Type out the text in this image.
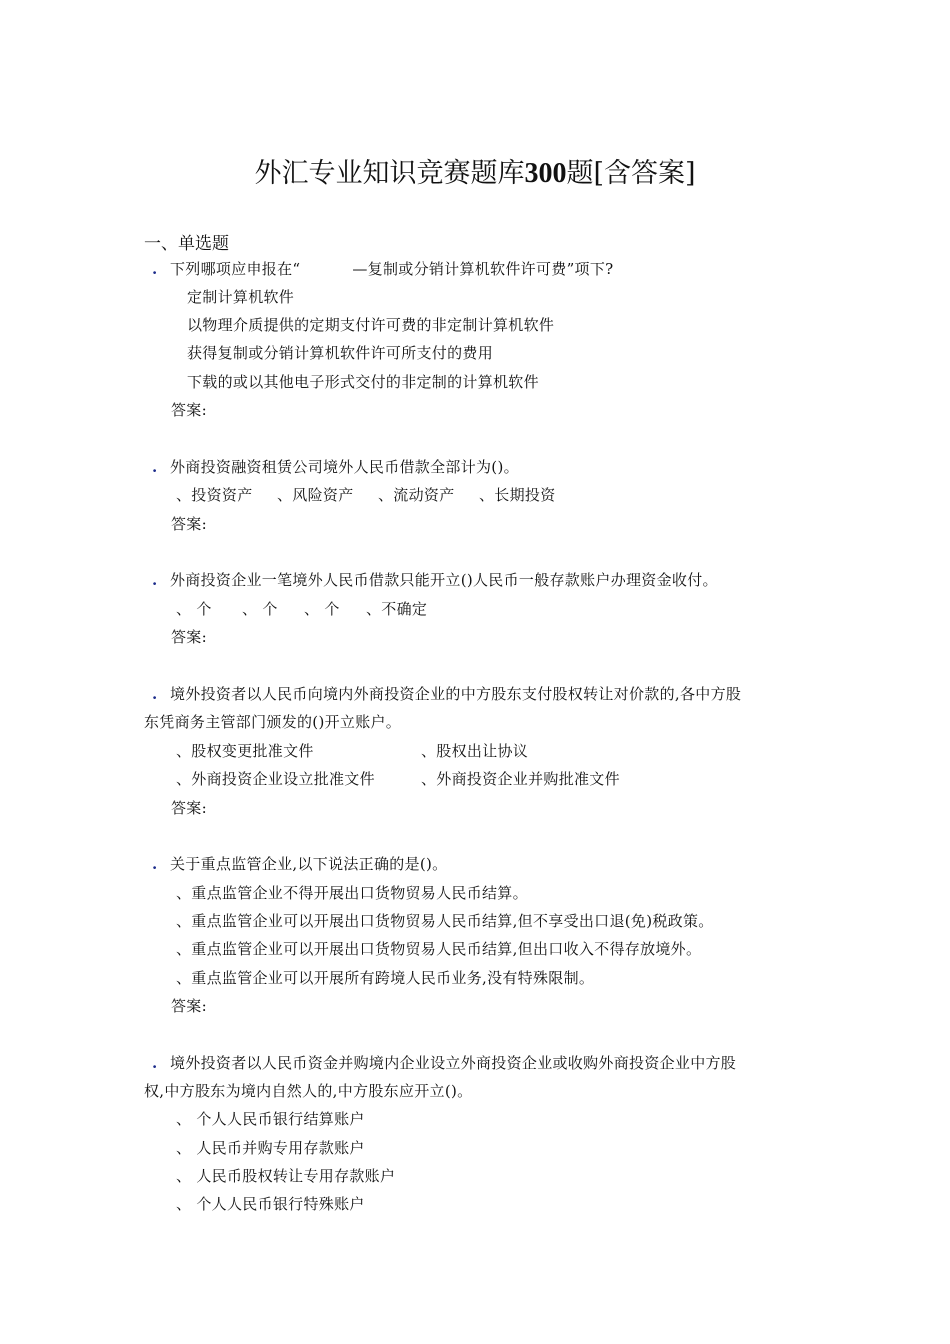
外汇专业知识竞赛题库300题[含答案]
一、单选题
. 下列哪项应申报在“	—复制或分销计算机软件许可费”项下?
定制计算机软件
以物理介质提供的定期支付许可费的非定制计算机软件
获得复制或分销计算机软件许可所支付的费用
下载的或以其他电子形式交付的非定制的计算机软件
答案:
. 外商投资融资租赁公司境外人民币借款全部计为()。
、投资资产 、风险资产 、流动资产 、长期投资
答案:
. 外商投资企业一笔境外人民币借款只能开立()人民币一般存款账户办理资金收付。
、 个 、 个 、 个 、不确定
答案:
. 境外投资者以人民币向境内外商投资企业的中方股东支付股权转让对价款的,各中方股
东凭商务主管部门颁发的()开立账户。
、股权变更批准文件	、股权出让协议
、外商投资企业设立批准文件	、外商投资企业并购批准文件
答案:
. 关于重点监管企业,以下说法正确的是()。
、重点监管企业不得开展出口货物贸易人民币结算。
、重点监管企业可以开展出口货物贸易人民币结算,但不享受出口退(免)税政策。
、重点监管企业可以开展出口货物贸易人民币结算,但出口收入不得存放境外。
、重点监管企业可以开展所有跨境人民币业务,没有特殊限制。
答案:
. 境外投资者以人民币资金并购境内企业设立外商投资企业或收购外商投资企业中方股
权,中方股东为境内自然人的,中方股东应开立()。
、 个人人民币银行结算账户
、 人民币并购专用存款账户
、 人民币股权转让专用存款账户
、 个人人民币银行特殊账户
